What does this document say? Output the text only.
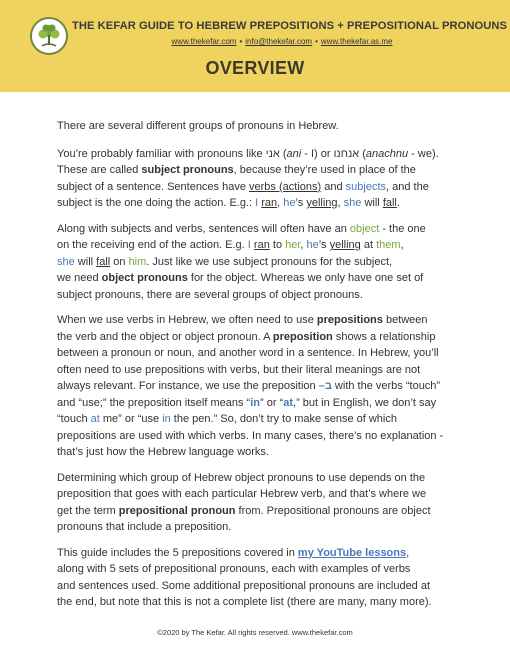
THE KEFAR GUIDE TO HEBREW PREPOSITIONS + PREPOSITIONAL PRONOUNS
www.thekefar.com • info@thekefar.com • www.thekefar.as.me
OVERVIEW

There are several different groups of pronouns in Hebrew.

You’re probably familiar with pronouns like אני (ani - I) or אנחנו (anachnu - we).
These are called subject pronouns, because they’re used in place of the
subject of a sentence. Sentences have verbs (actions) and subjects, and the
subject is the one doing the action. E.g.: I ran, he’s yelling, she will fall.

Along with subjects and verbs, sentences will often have an object - the one
on the receiving end of the action. E.g. I ran to her, he’s yelling at them,
she will fall on him. Just like we use subject pronouns for the subject,
we need object pronouns for the object. Whereas we only have one set of
subject pronouns, there are several groups of object pronouns.

When we use verbs in Hebrew, we often need to use prepositions between
the verb and the object or object pronoun. A preposition shows a relationship
between a pronoun or noun, and another word in a sentence. In Hebrew, you’ll
often need to use prepositions with verbs, but their literal meanings are not
always relevant. For instance, we use the preposition –ב with the verbs “touch”
and “use;” the preposition itself means “in” or “at,” but in English, we don’t say
“touch at me” or “use in the pen.” So, don’t try to make sense of which
prepositions are used with which verbs. In many cases, there’s no explanation -
that’s just how the Hebrew language works.

Determining which group of Hebrew object pronouns to use depends on the
preposition that goes with each particular Hebrew verb, and that’s where we
get the term prepositional pronoun from. Prepositional pronouns are object
pronouns that include a preposition.

This guide includes the 5 prepositions covered in my YouTube lessons,
along with 5 sets of prepositional pronouns, each with examples of verbs
and sentences used. Some additional prepositional pronouns are included at
the end, but note that this is not a complete list (there are many, many more).

©2020 by The Kefar. All rights reserved. www.thekefar.com
